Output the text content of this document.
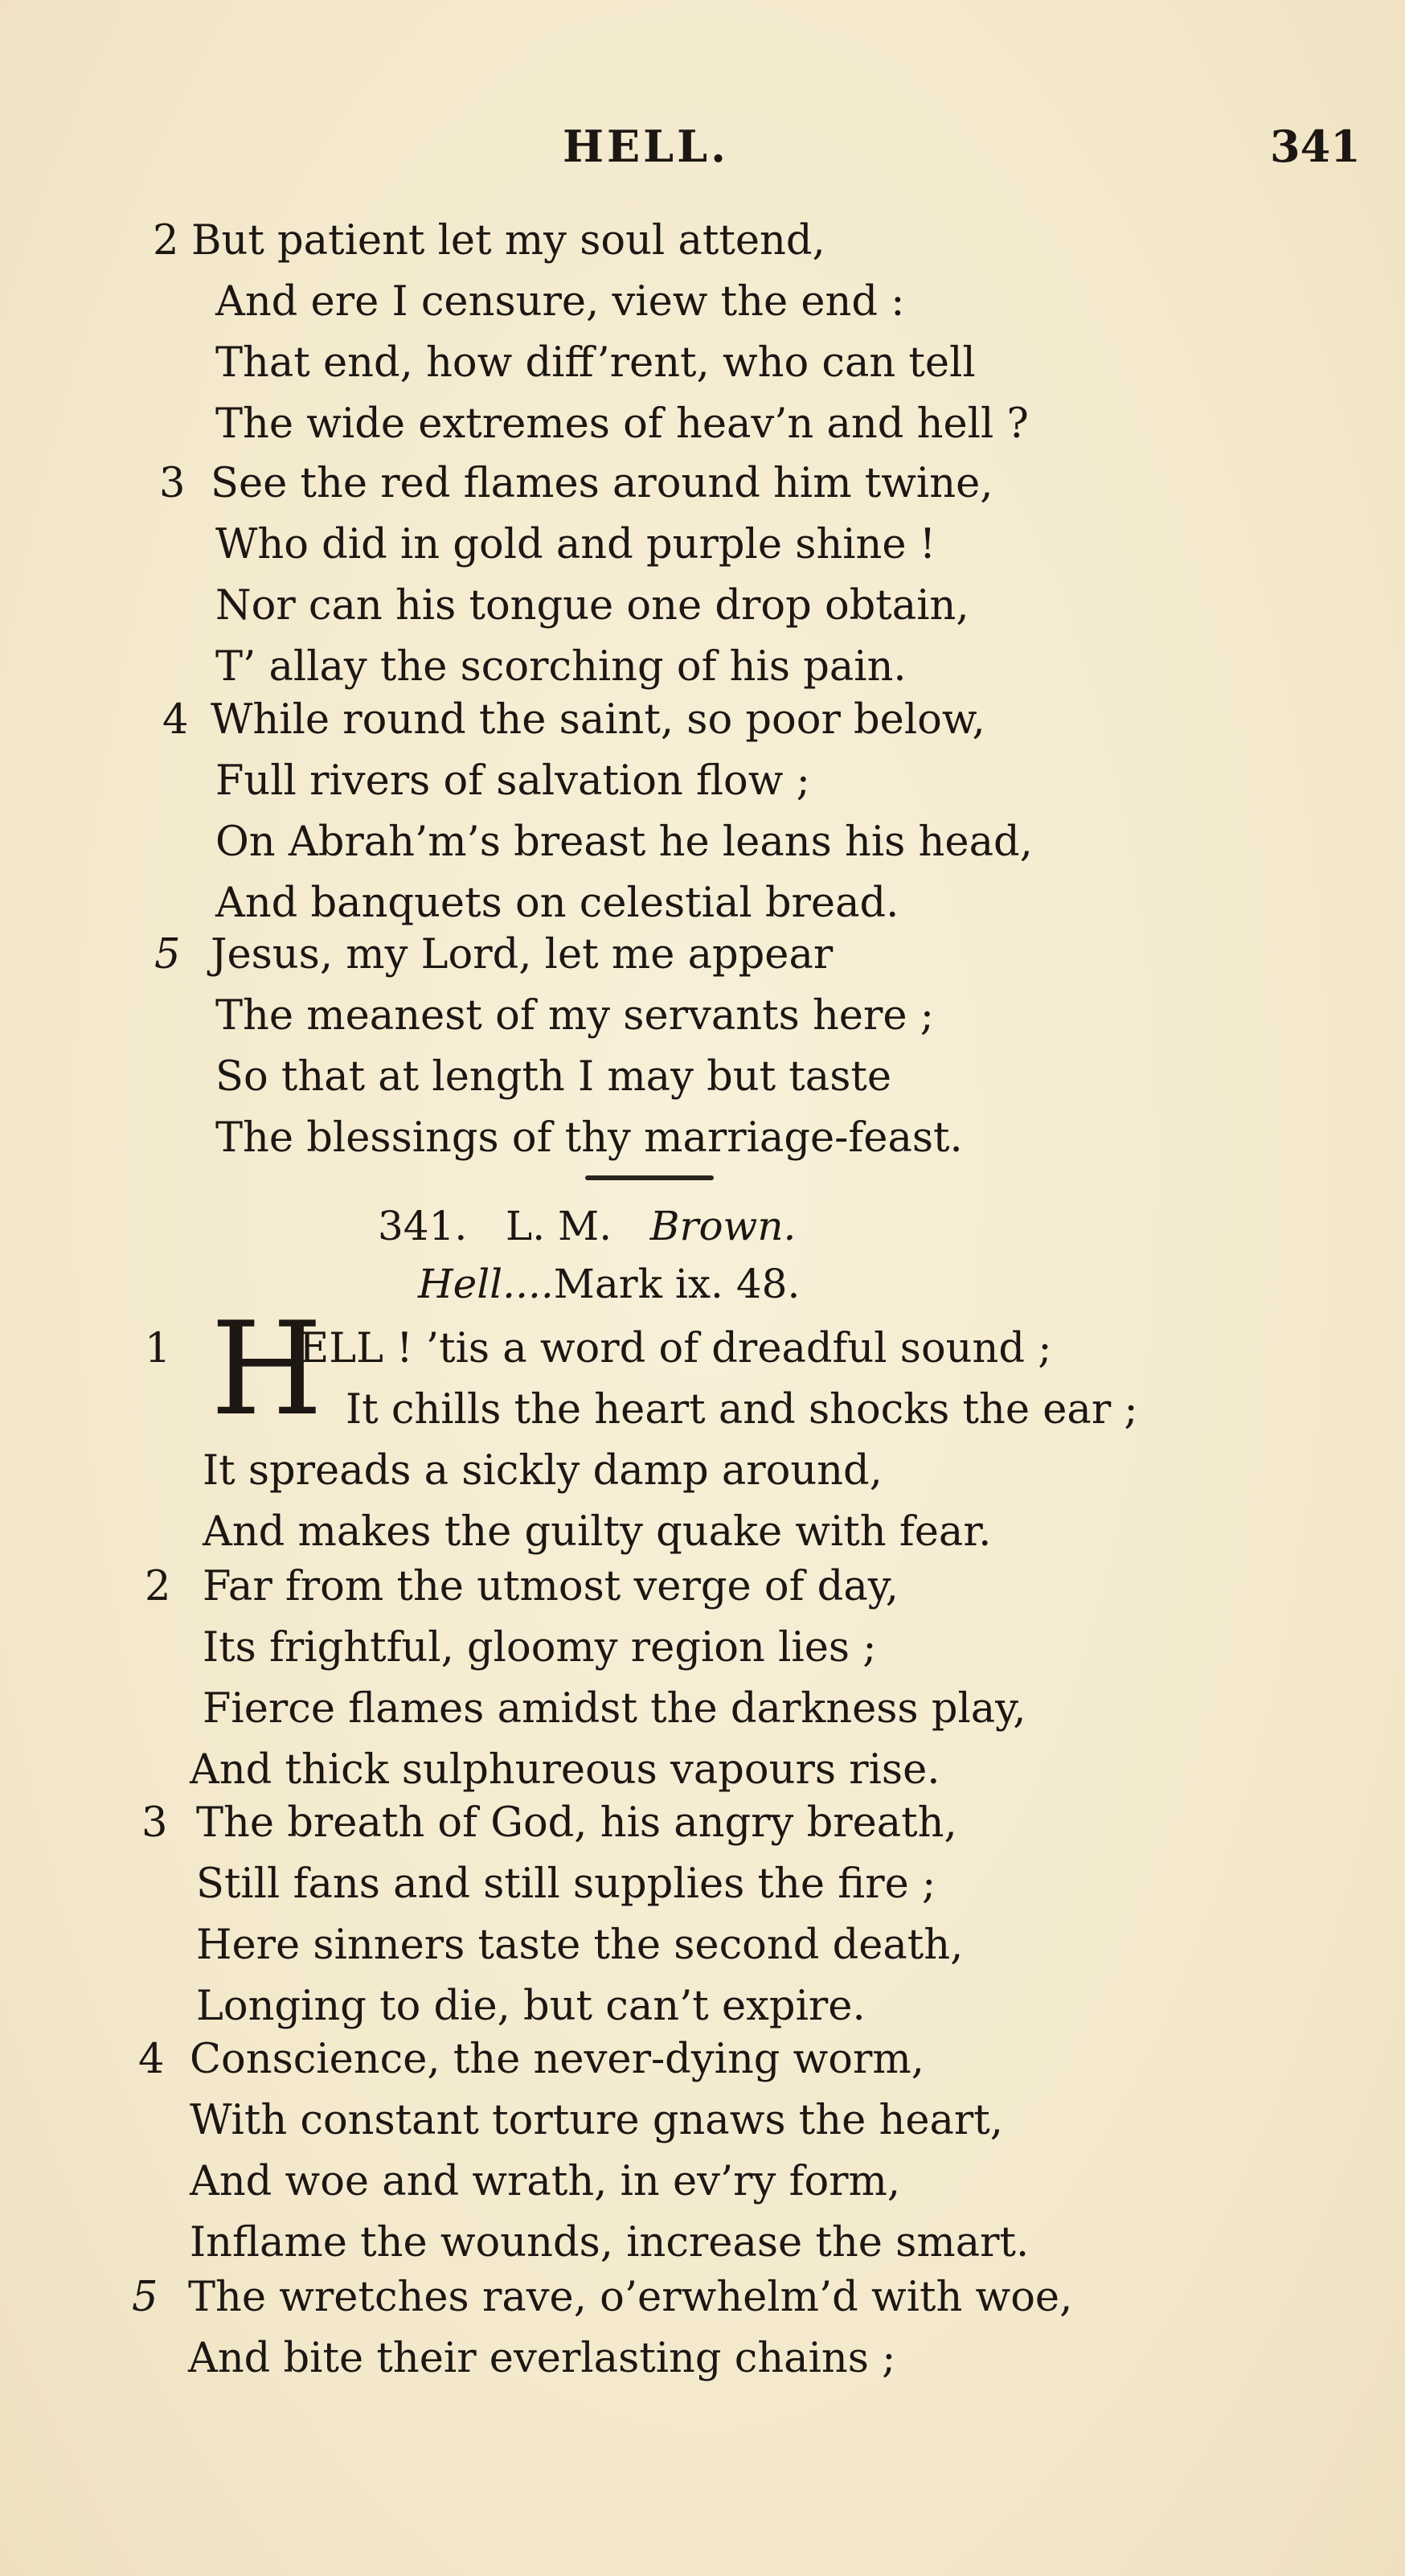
HELL.	341
2 But patient let my soul attend,
And ere I censure, view the end :
That end, how diff’rent, who can tell
The wide extremes of heav’n and hell ?
3 See the red flames around him twine,
Who did in gold and purple shine !
Nor can his tongue one drop obtain,
T’ allay the scorching of his pain.
4 While round the saint, so poor below,
Full rivers of salvation flow ;
On Abrah’m’s breast he leans his head,
And banquets on celestial bread.
5 Jesus, my Lord, let me appear
The meanest of my servants here ;
So that at length I may but taste
The blessings of thy marriage-feast.
341. L. M. Brown.
Hell....Mark ix. 48.
1 H
ELL ! ’tis a word of dreadful sound ;
It chills the heart and shocks the ear ;
It spreads a sickly damp around,
And makes the guilty quake with fear.
2 Far from the utmost verge of day,
Its frightful, gloomy region lies ;
Fierce flames amidst the darkness play,
And thick sulphureous vapours rise.
3 The breath of God, his angry breath,
Still fans and still supplies the fire ;
Here sinners taste the second death,
Longing to die, but can’t expire.
4 Conscience, the never-dying worm,
With constant torture gnaws the heart,
And woe and wrath, in ev’ry form,
Inflame the wounds, increase the smart.
5 The wretches rave, o’erwhelm’d with woe,
And bite their everlasting chains ;
